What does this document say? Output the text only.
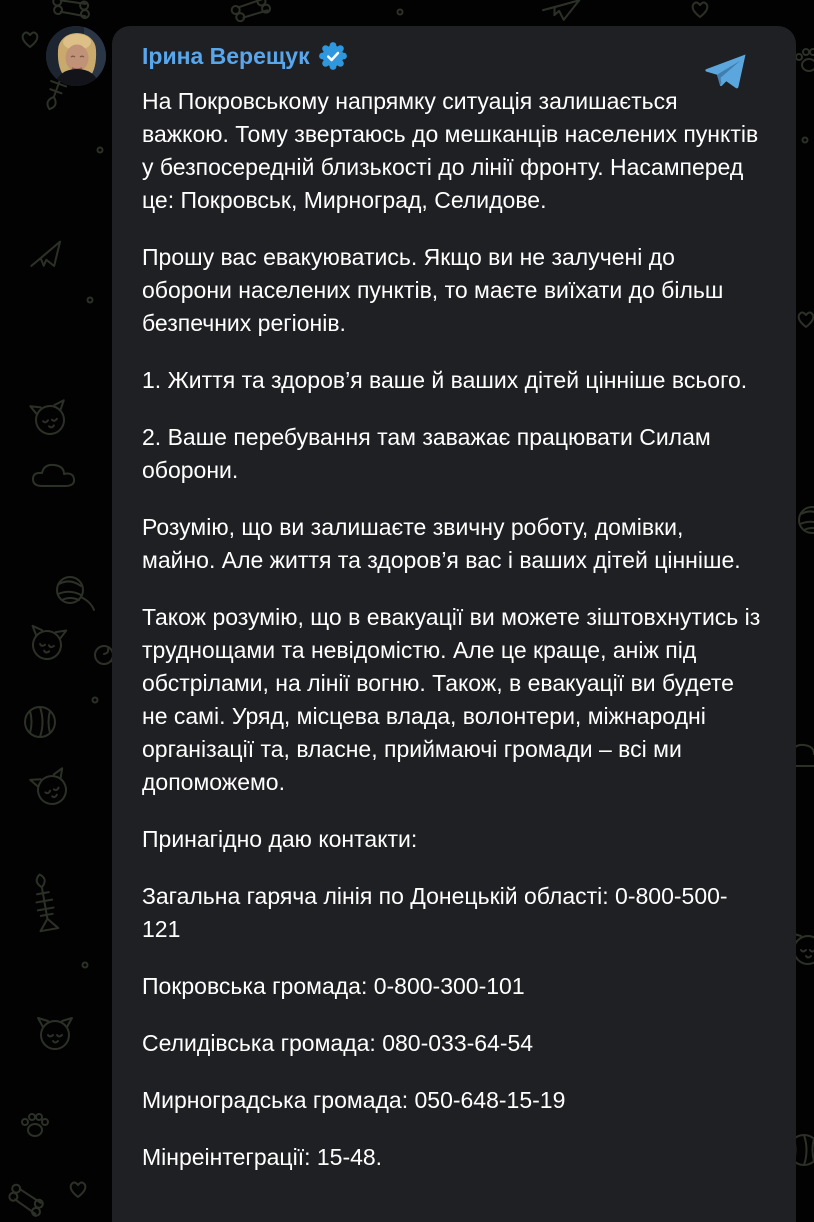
Ірина Верещук

На Покровському напрямку ситуація залишається важкою. Тому звертаюсь до мешканців населених пунктів у безпосередній близькості до лінії фронту. Насамперед це: Покровськ, Мирноград, Селидове.

Прошу вас евакуюватись. Якщо ви не залучені до оборони населених пунктів, то маєте виїхати до більш безпечних регіонів.

1. Життя та здоров’я ваше й ваших дітей цінніше всього.

2. Ваше перебування там заважає працювати Силам оборони.

Розумію, що ви залишаєте звичну роботу, домівки, майно. Але життя та здоров’я вас і ваших дітей цінніше.

Також розумію, що в евакуації ви можете зіштовхнутись із труднощами та невідомістю. Але це краще, аніж під обстрілами, на лінії вогню. Також, в евакуації ви будете не самі. Уряд, місцева влада, волонтери, міжнародні організації та, власне, приймаючі громади – всі ми допоможемо.

Принагідно даю контакти:

Загальна гаряча лінія по Донецькій області: 0-800-500-121

Покровська громада: 0-800-300-101

Селидівська громада: 080-033-64-54

Мирноградська громада: 050-648-15-19

Мінреінтеграції: 15-48.
